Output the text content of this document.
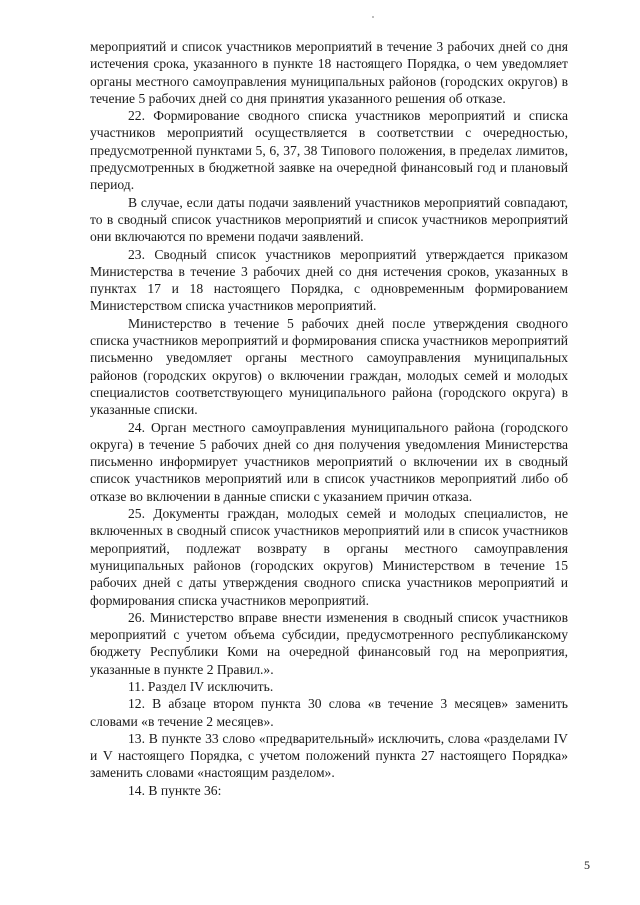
мероприятий и список участников мероприятий в течение 3 рабочих дней со дня истечения срока, указанного в пункте 18 настоящего Порядка, о чем уведомляет органы местного самоуправления муниципальных районов (городских округов) в течение 5 рабочих дней со дня принятия указанного решения об отказе.

22. Формирование сводного списка участников мероприятий и списка участников мероприятий осуществляется в соответствии с очередностью, предусмотренной пунктами 5, 6, 37, 38 Типового положения, в пределах лимитов, предусмотренных в бюджетной заявке на очередной финансовый год и плановый период.

В случае, если даты подачи заявлений участников мероприятий совпадают, то в сводный список участников мероприятий и список участников мероприятий они включаются по времени подачи заявлений.

23. Сводный список участников мероприятий утверждается приказом Министерства в течение 3 рабочих дней со дня истечения сроков, указанных в пунктах 17 и 18 настоящего Порядка, с одновременным формированием Министерством списка участников мероприятий.

Министерство в течение 5 рабочих дней после утверждения сводного списка участников мероприятий и формирования списка участников мероприятий письменно уведомляет органы местного самоуправления муниципальных районов (городских округов) о включении граждан, молодых семей и молодых специалистов соответствующего муниципального района (городского округа) в указанные списки.

24. Орган местного самоуправления муниципального района (городского округа) в течение 5 рабочих дней со дня получения уведомления Министерства письменно информирует участников мероприятий о включении их в сводный список участников мероприятий или в список участников мероприятий либо об отказе во включении в данные списки с указанием причин отказа.

25. Документы граждан, молодых семей и молодых специалистов, не включенных в сводный список участников мероприятий или в список участников мероприятий, подлежат возврату в органы местного самоуправления муниципальных районов (городских округов) Министерством в течение 15 рабочих дней с даты утверждения сводного списка участников мероприятий и формирования списка участников мероприятий.

26. Министерство вправе внести изменения в сводный список участников мероприятий с учетом объема субсидии, предусмотренного республиканскому бюджету Республики Коми на очередной финансовый год на мероприятия, указанные в пункте 2 Правил.».

11. Раздел IV исключить.

12. В абзаце втором пункта 30 слова «в течение 3 месяцев» заменить словами «в течение 2 месяцев».

13. В пункте 33 слово «предварительный» исключить, слова «разделами IV и V настоящего Порядка, с учетом положений пункта 27 настоящего Порядка» заменить словами «настоящим разделом».

14. В пункте 36:

5
